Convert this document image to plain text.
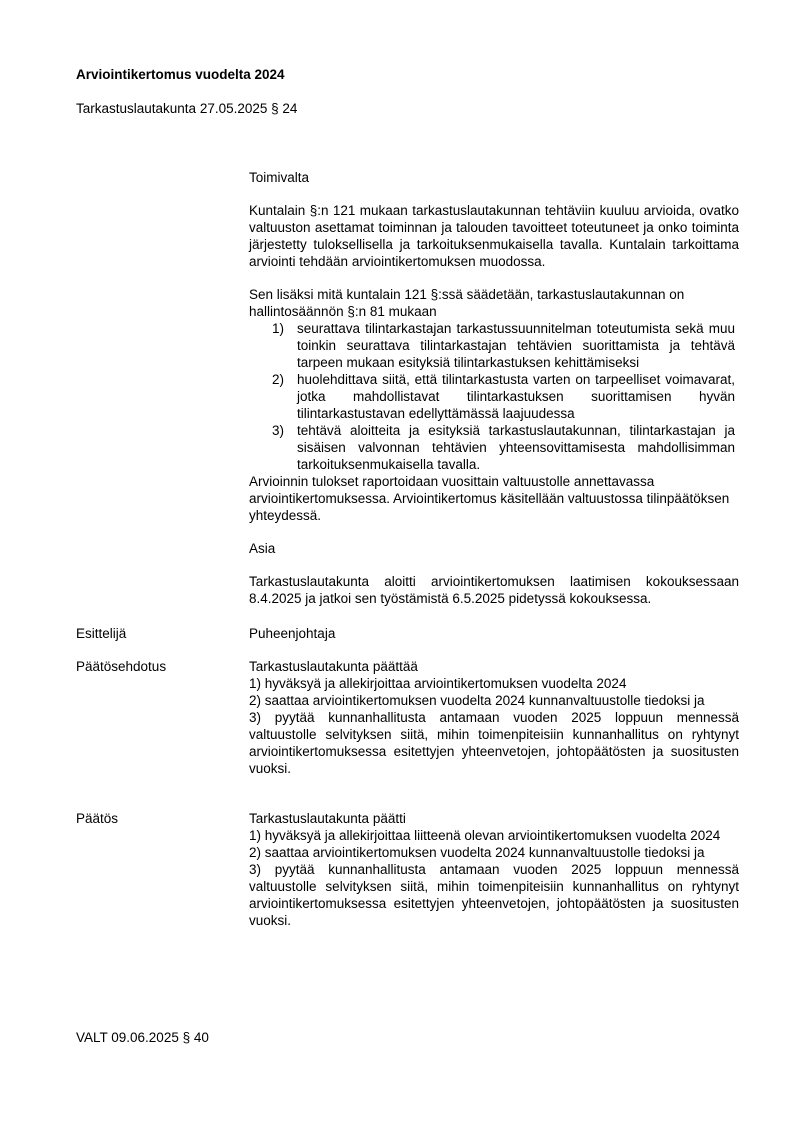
Arviointikertomus vuodelta 2024
Tarkastuslautakunta 27.05.2025 § 24

Toimivalta

Kuntalain §:n 121 mukaan tarkastuslautakunnan tehtäviin kuuluu arvioida, ovatko valtuuston asettamat toiminnan ja talouden tavoitteet toteutuneet ja onko toiminta järjestetty tuloksellisella ja tarkoituksenmukaisella tavalla. Kuntalain tarkoittama arviointi tehdään arviointikertomuksen muodossa.

Sen lisäksi mitä kuntalain 121 §:ssä säädetään, tarkastuslautakunnan on hallintosäännön §:n 81 mukaan

1) seurattava tilintarkastajan tarkastussuunnitelman toteutumista sekä muu toinkin seurattava tilintarkastajan tehtävien suorittamista ja tehtävä tarpeen mukaan esityksiä tilintarkastuksen kehittämiseksi
2) huolehdittava siitä, että tilintarkastusta varten on tarpeelliset voimavarat, jotka mahdollistavat tilintarkastuksen suorittamisen hyvän tilintarkastustavan edellyttämässä laajuudessa
3) tehtävä aloitteita ja esityksiä tarkastuslautakunnan, tilintarkastajan ja sisäisen valvonnan tehtävien yhteensovittamisesta mahdollisimman tarkoituksenmukaisella tavalla.

Arvioinnin tulokset raportoidaan vuosittain valtuustolle annettavassa arviointikertomuksessa. Arviointikertomus käsitellään valtuustossa tilinpäätöksen yhteydessä.

Asia

Tarkastuslautakunta aloitti arviointikertomuksen laatimisen kokouksessaan 8.4.2025 ja jatkoi sen työstämistä 6.5.2025 pidetyssä kokouksessa.

Esittelijä	Puheenjohtaja
Päätösehdotus	Tarkastuslautakunta päättää

1) hyväksyä ja allekirjoittaa arviointikertomuksen vuodelta 2024

2) saattaa arviointikertomuksen vuodelta 2024 kunnanvaltuustolle tiedoksi ja

3) pyytää kunnanhallitusta antamaan vuoden 2025 loppuun mennessä valtuustolle selvityksen siitä, mihin toimenpiteisiin kunnanhallitus on ryhtynyt arviointikertomuksessa esitettyjen yhteenvetojen, johtopäätösten ja suositusten vuoksi.

Päätös	Tarkastuslautakunta päätti

1) hyväksyä ja allekirjoittaa liitteenä olevan arviointikertomuksen vuodelta 2024

2) saattaa arviointikertomuksen vuodelta 2024 kunnanvaltuustolle tiedoksi ja

3) pyytää kunnanhallitusta antamaan vuoden 2025 loppuun mennessä valtuustolle selvityksen siitä, mihin toimenpiteisiin kunnanhallitus on ryhtynyt arviointikertomuksessa esitettyjen yhteenvetojen, johtopäätösten ja suositusten vuoksi.

VALT 09.06.2025 § 40
